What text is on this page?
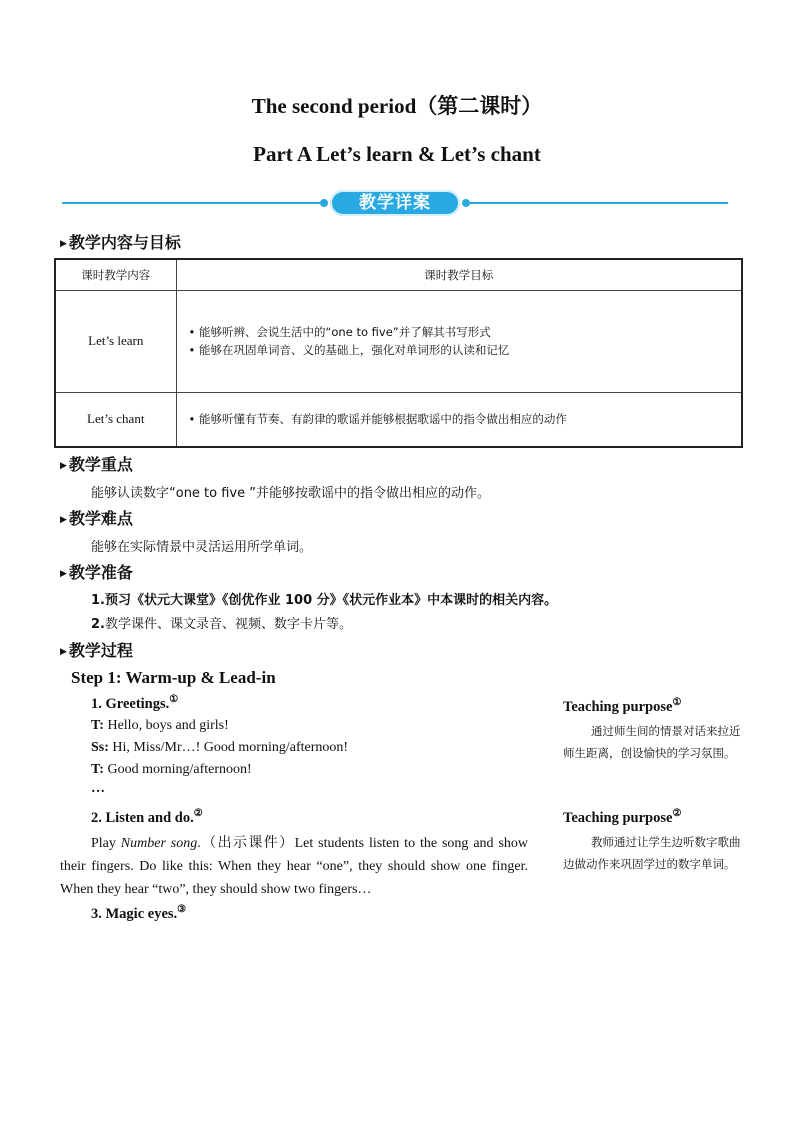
The second period（第二课时）
Part A Let’s learn & Let’s chant
教学详案
▶ 教学内容与目标
课时教学内容	课时教学目标
Let’s learn	• 能够听辨、会说生活中的“one to five”并了解其书写形式
• 能够在巩固单词音、义的基础上，强化对单词形的认读和记忆

Let’s chant	• 能够听懂有节奏、有韵律的歌谣并能够根据歌谣中的指令做出相应的动作
▶ 教学重点
能够认读数字“one to five ”并能够按歌谣中的指令做出相应的动作。
▶ 教学难点
能够在实际情景中灵活运用所学单词。
▶ 教学准备
1.预习《状元大课堂》《创优作业 100 分》《状元作业本》中本课时的相关内容。
2.教学课件、课文录音、视频、数字卡片等。
▶ 教学过程
Step 1: Warm-up & Lead-in
1. Greetings.①
T: Hello, boys and girls!
Ss: Hi, Miss/Mr…! Good morning/afternoon!
T: Good morning/afternoon!
…
2. Listen and do.②
Play Number song.（出示课件）Let students listen to the song and show their fingers. Do like this: When they hear “one”, they should show one finger. When they hear “two”, they should show two fingers…
3. Magic eyes.③
Teaching purpose①
通过师生间的情景对话来拉近师生距离，创设愉快的学习氛围。
Teaching purpose②
教师通过让学生边听数字歌曲边做动作来巩固学过的数字单词。
